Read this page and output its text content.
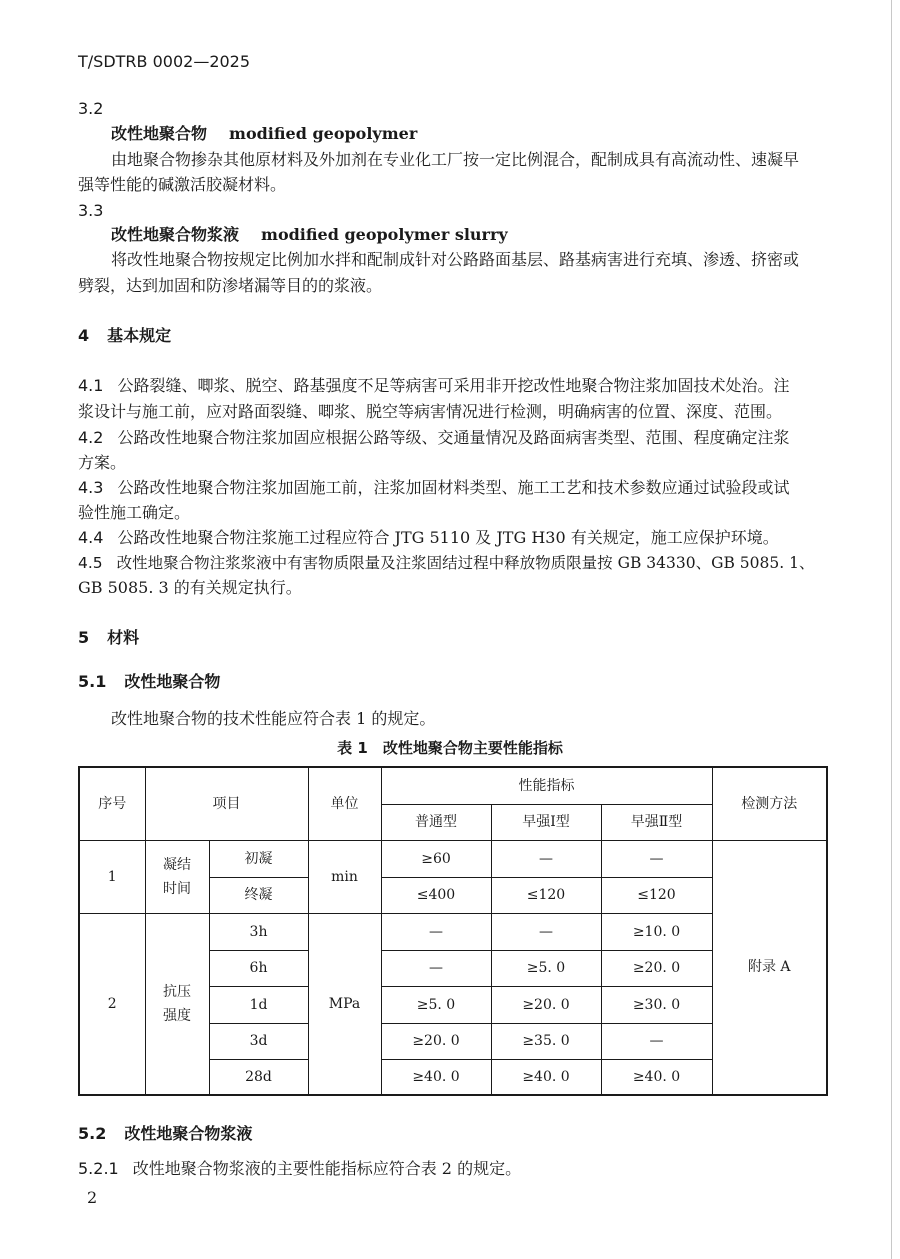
T/SDTRB 0002—2025
3.2
改性地聚合物 modified geopolymer
由地聚合物掺杂其他原材料及外加剂在专业化工厂按一定比例混合，配制成具有高流动性、速凝早
强等性能的碱激活胶凝材料。
3.3
改性地聚合物浆液 modified geopolymer slurry
将改性地聚合物按规定比例加水拌和配制成针对公路路面基层、路基病害进行充填、渗透、挤密或
劈裂，达到加固和防渗堵漏等目的的浆液。
4 基本规定
4.1 公路裂缝、唧浆、脱空、路基强度不足等病害可采用非开挖改性地聚合物注浆加固技术处治。注
浆设计与施工前，应对路面裂缝、唧浆、脱空等病害情况进行检测，明确病害的位置、深度、范围。
4.2 公路改性地聚合物注浆加固应根据公路等级、交通量情况及路面病害类型、范围、程度确定注浆
方案。
4.3 公路改性地聚合物注浆加固施工前，注浆加固材料类型、施工工艺和技术参数应通过试验段或试
验性施工确定。
4.4 公路改性地聚合物注浆施工过程应符合 JTG 5110 及 JTG H30 有关规定，施工应保护环境。
4.5 改性地聚合物注浆浆液中有害物质限量及注浆固结过程中释放物质限量按 GB 34330、GB 5085. 1、
GB 5085. 3 的有关规定执行。
5 材料
5.1 改性地聚合物
改性地聚合物的技术性能应符合表 1 的规定。
表 1　改性地聚合物主要性能指标
序号	项目		单位	性能指标			检测方法
				普通型	早强Ⅰ型	早强Ⅱ型	
1	凝结
时间	初凝	min	≥60	—	—	附录 A
		终凝		≤400	≤120	≤120	
2	抗压
强度	3h	MPa	—	—	≥10. 0	
		6h		—	≥5. 0	≥20. 0	
		1d		≥5. 0	≥20. 0	≥30. 0	
		3d		≥20. 0	≥35. 0	—	
		28d		≥40. 0	≥40. 0	≥40. 0	
5.2 改性地聚合物浆液
5.2.1 改性地聚合物浆液的主要性能指标应符合表 2 的规定。
2
